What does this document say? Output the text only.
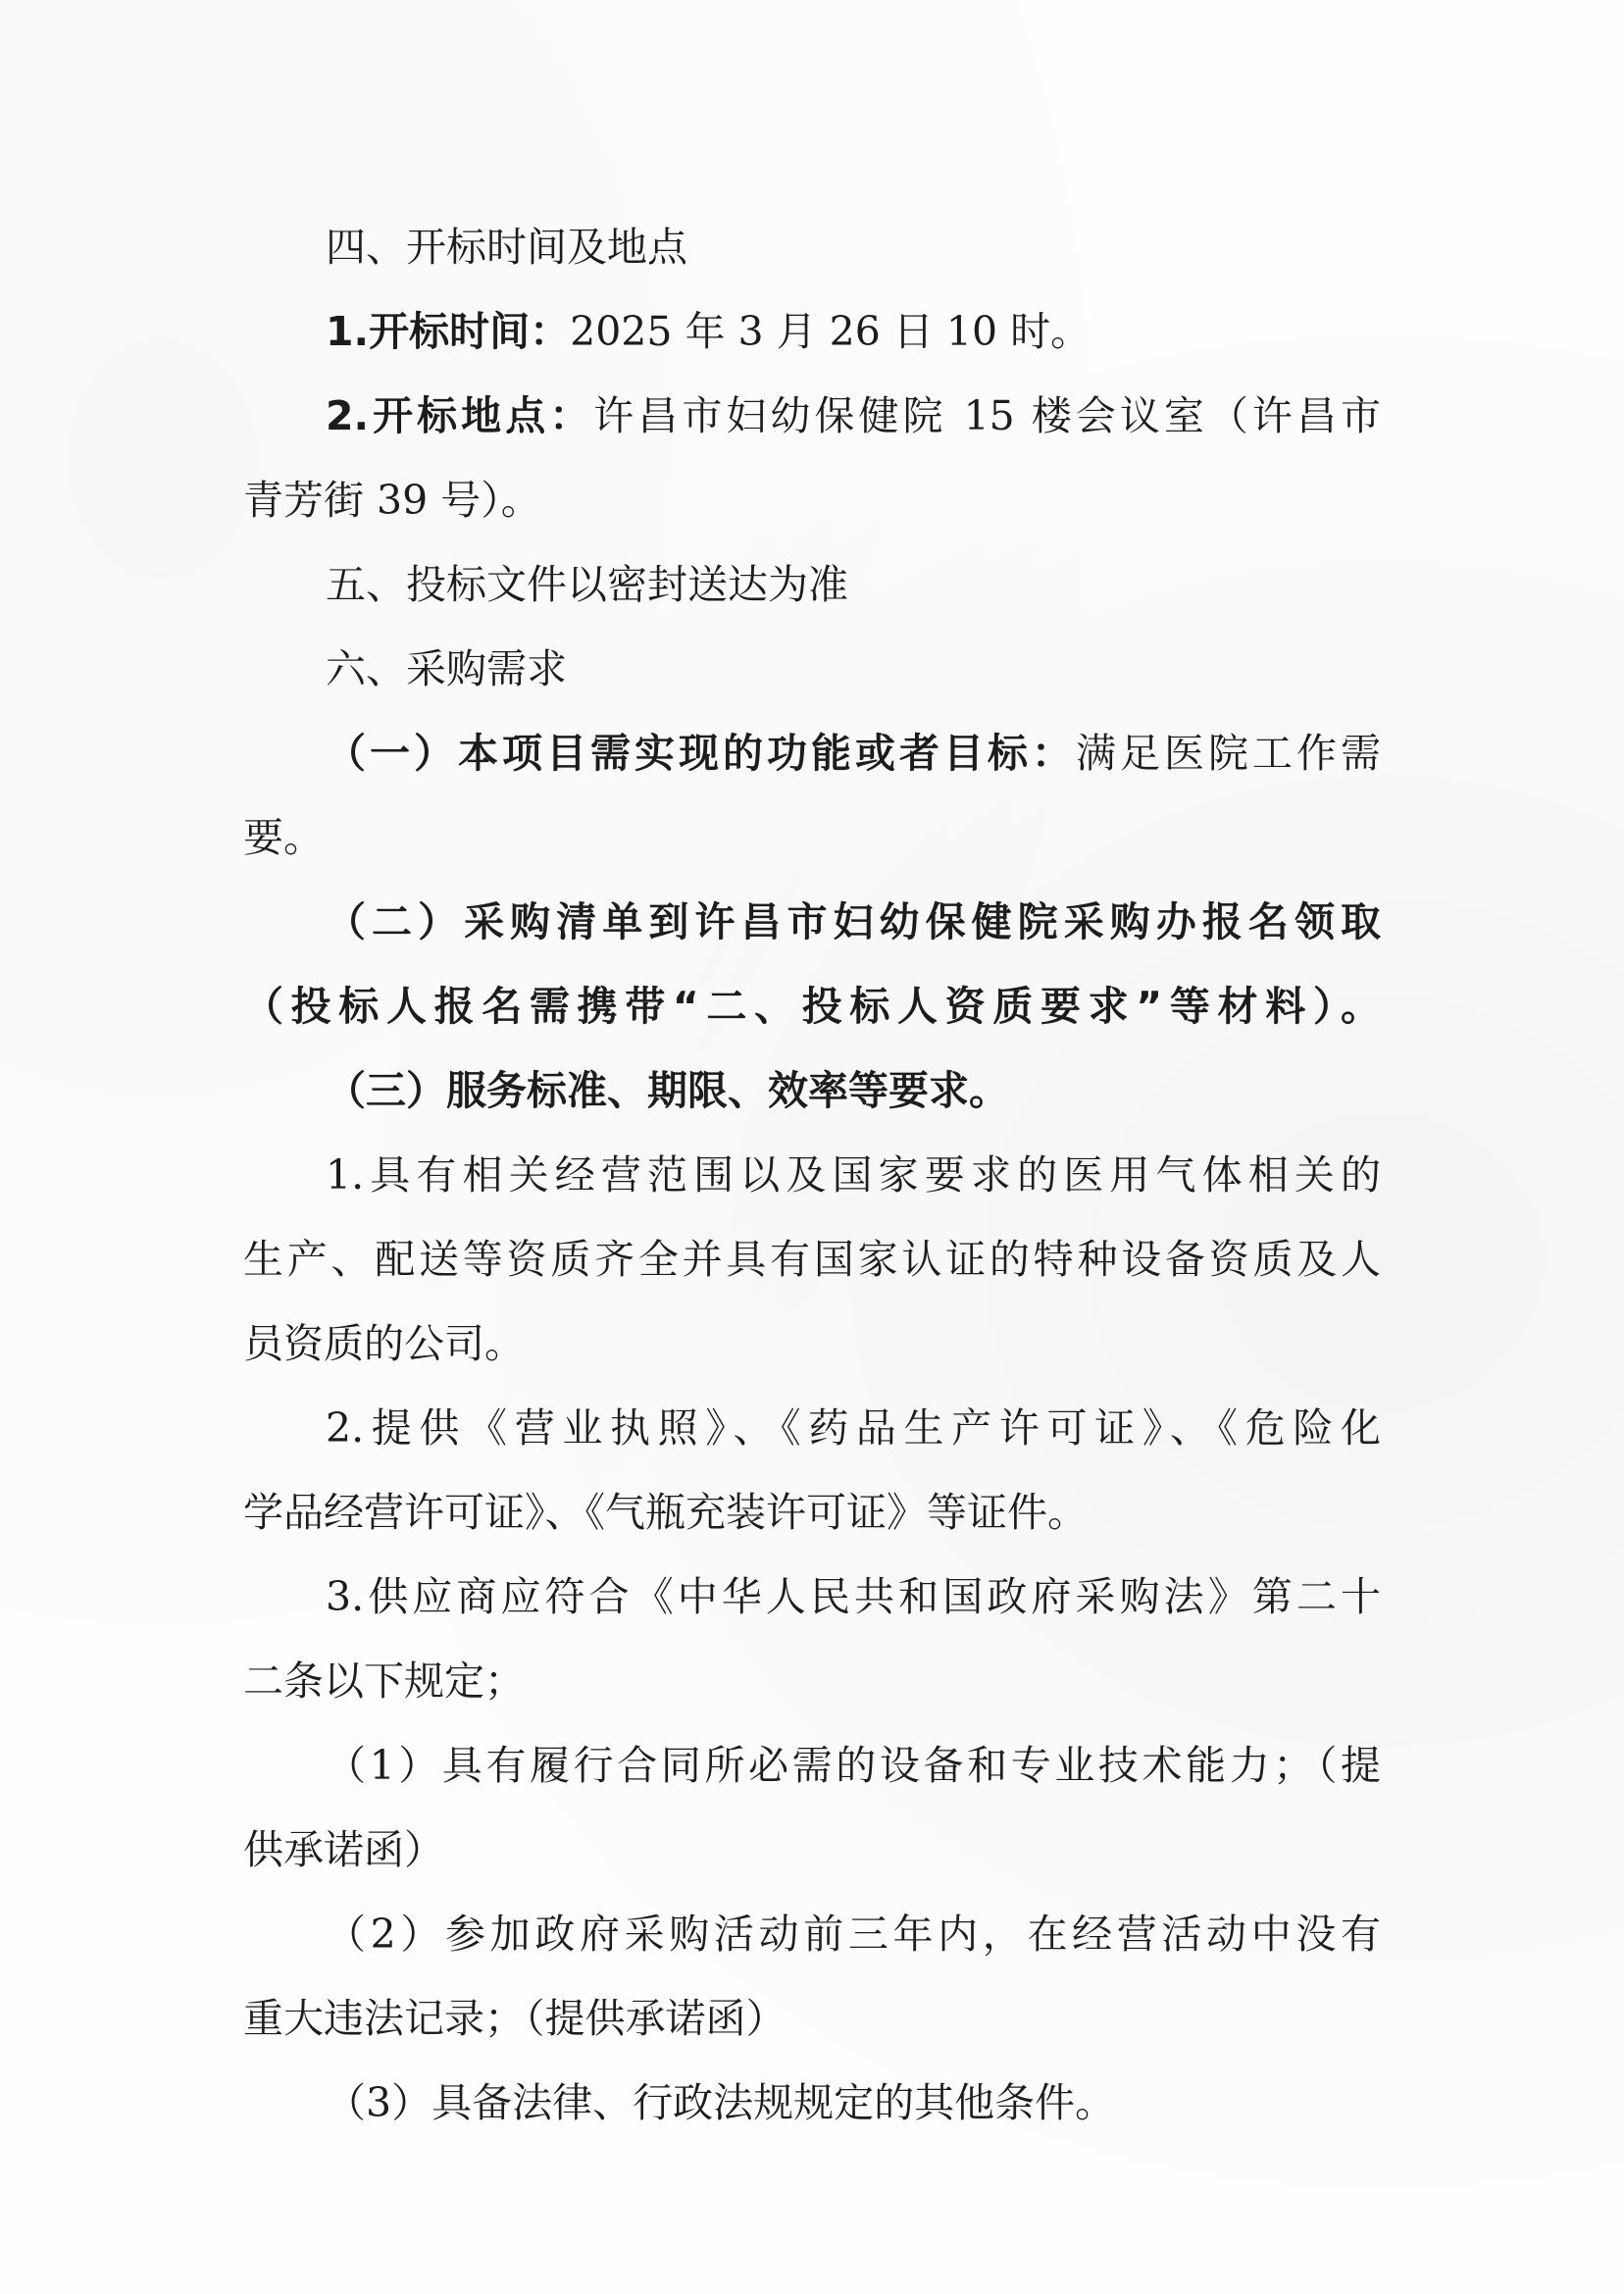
四、开标时间及地点
1.开标时间：2025 年 3 月 26 日 10 时。
2.开标地点：许昌市妇幼保健院 15 楼会议室（许昌市
青芳街 39 号）。
五、投标文件以密封送达为准
六、采购需求
（一）本项目需实现的功能或者目标：满足医院工作需
要。
（二）采购清单到许昌市妇幼保健院采购办报名领取
（投标人报名需携带“二、投标人资质要求”等材料）。
（三）服务标准、期限、效率等要求。
1.具有相关经营范围以及国家要求的医用气体相关的
生产、配送等资质齐全并具有国家认证的特种设备资质及人
员资质的公司。
2.提供《营业执照》、《药品生产许可证》、《危险化
学品经营许可证》、《气瓶充装许可证》等证件。
3.供应商应符合《中华人民共和国政府采购法》第二十
二条以下规定；
（1）具有履行合同所必需的设备和专业技术能力；（提
供承诺函）
（2）参加政府采购活动前三年内，在经营活动中没有
重大违法记录；（提供承诺函）
（3）具备法律、行政法规规定的其他条件。
